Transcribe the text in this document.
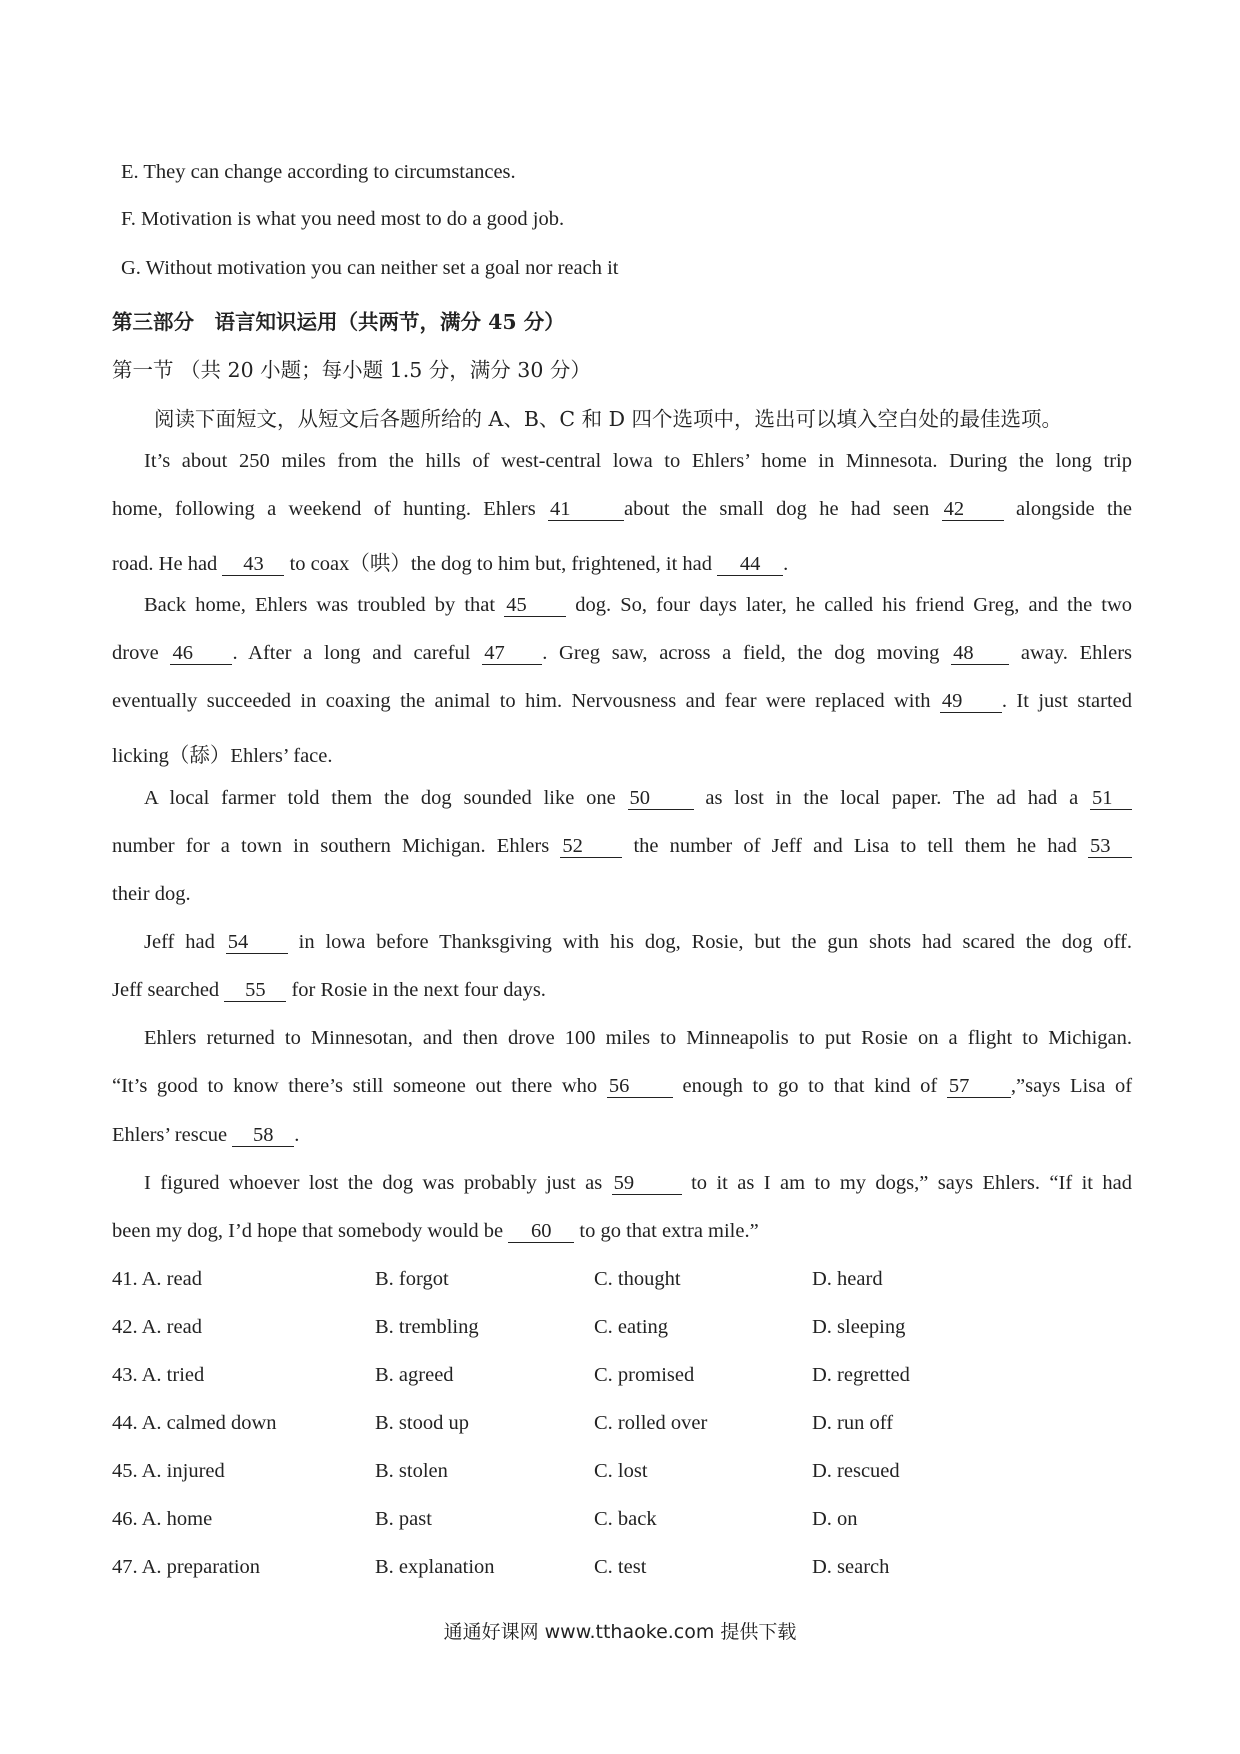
E. They can change according to circumstances.
F. Motivation is what you need most to do a good job.
G. Without motivation you can neither set a goal nor reach it
第三部分　语言知识运用（共两节，满分 45 分）
第一节 （共 20 小题；每小题 1.5 分，满分 30 分）
阅读下面短文，从短文后各题所给的 A、B、C 和 D 四个选项中，选出可以填入空白处的最佳选项。
It’s about 250 miles from the hills of west-central lowa to Ehlers’ home in Minnesota. During the long trip
home, following a weekend of hunting. Ehlers 41	about the small dog he had seen 42	alongside the
road. He had 43 to coax（哄）the dog to him but, frightened, it had 44 .
Back home, Ehlers was troubled by that 45 dog. So, four days later, he called his friend Greg, and the two
drove 46 . After a long and careful 47 . Greg saw, across a field, the dog moving 48 away. Ehlers
eventually succeeded in coaxing the animal to him. Nervousness and fear were replaced with 49 . It just started
licking（舔）Ehlers’ face.
A local farmer told them the dog sounded like one 50	as lost in the local paper. The ad had a 51
number for a town in southern Michigan. Ehlers 52 the number of Jeff and Lisa to tell them he had 53
their dog.
Jeff had 54 in lowa before Thanksgiving with his dog, Rosie, but the gun shots had scared the dog off.
Jeff searched 55 for Rosie in the next four days.
Ehlers returned to Minnesotan, and then drove 100 miles to Minneapolis to put Rosie on a flight to Michigan.
“It’s good to know there’s still someone out there who 56	enough to go to that kind of 57 ,”says Lisa of
Ehlers’ rescue 58 .
I figured whoever lost the dog was probably just as 59	to it as I am to my dogs,” says Ehlers. “If it had
been my dog, I’d hope that somebody would be 60 to go that extra mile.”
41. A. read	B. forgot	C. thought	D. heard
42. A. read	B. trembling	C. eating	D. sleeping
43. A. tried	B. agreed	C. promised	D. regretted
44. A. calmed down	B. stood up	C. rolled over	D. run off
45. A. injured	B. stolen	C. lost	D. rescued
46. A. home	B. past	C. back	D. on
47. A. preparation	B. explanation	C. test	D. search
通通好课网 www.tthaoke.com 提供下载
